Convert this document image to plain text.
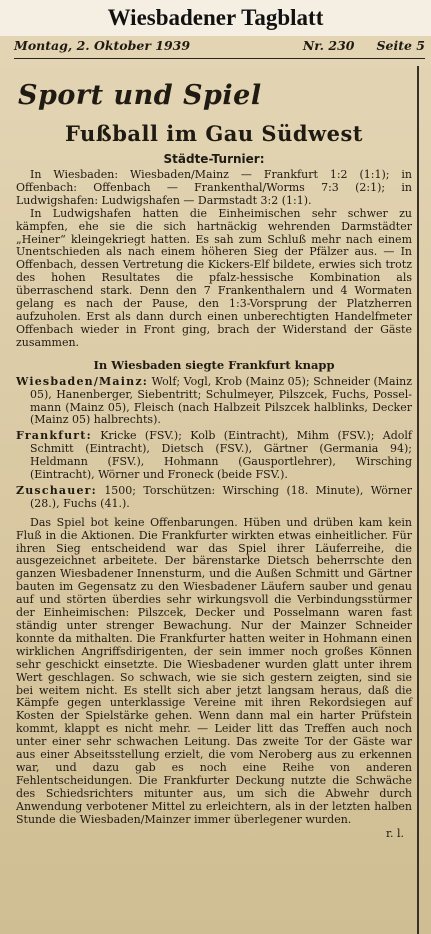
Wiesbadener Tagblatt
Montag, 2. Oktober 1939	Nr. 230 Seite 5
Sport und Spiel
Fußball im Gau Südwest
Städte-Turnier:

In Wiesbaden: Wiesbaden/Mainz — Frankfurt 1:2 (1:1); in Offenbach: Offenbach — Frankenthal/Worms 7:3 (2:1); in Ludwigshafen: Ludwigshafen — Darmstadt 3:2 (1:1).

In Ludwigshafen hatten die Einheimischen sehr schwer zu kämpfen, ehe sie die sich hartnäckig wehrenden Darmstädter „Heiner“ kleingekriegt hatten. Es sah zum Schluß mehr nach einem Unentschieden als nach einem höheren Sieg der Pfälzer aus. — In Offenbach, dessen Vertretung die Kickers-Elf bildete, erwies sich trotz des hohen Resultates die pfalz-hessische Kombination als überraschend stark. Denn den 7 Frankenthalern und 4 Wormaten gelang es nach der Pause, den 1:3-Vorsprung der Platzherren aufzuholen. Erst als dann durch einen unberechtigten Handelfmeter Offenbach wieder in Front ging, brach der Widerstand der Gäste zusammen.

In Wiesbaden siegte Frankfurt knapp

Wiesbaden/Mainz: Wolf; Vogl, Krob (Mainz 05); Schneider (Mainz 05), Hanenberger, Siebentritt; Schulmeyer, Pilszcek, Fuchs, Posselmann (Mainz 05), Fleisch (nach Halbzeit Pilszcek halblinks, Decker (Mainz 05) halbrechts).

Frankfurt: Kricke (FSV.); Kolb (Eintracht), Mihm (FSV.); Adolf Schmitt (Eintracht), Dietsch (FSV.), Gärtner (Germania 94); Heldmann (FSV.), Hohmann (Gausportlehrer), Wirsching (Eintracht), Wörner und Froneck (beide FSV.).

Zuschauer: 1500; Torschützen: Wirsching (18. Minute), Wörner (28.), Fuchs (41.).

Das Spiel bot keine Offenbarungen. Hüben und drüben kam kein Fluß in die Aktionen. Die Frankfurter wirkten etwas einheitlicher. Für ihren Sieg entscheidend war das Spiel ihrer Läuferreihe, die ausgezeichnet arbeitete. Der bärenstarke Dietsch beherrschte den ganzen Wiesbadener Innensturm, und die Außen Schmitt und Gärtner bauten im Gegensatz zu den Wiesbadener Läufern sauber und genau auf und störten überdies sehr wirkungsvoll die Verbindungsstürmer der Einheimischen: Pilszcek, Decker und Posselmann waren fast ständig unter strenger Bewachung. Nur der Mainzer Schneider konnte da mithalten. Die Frankfurter hatten weiter in Hohmann einen wirklichen Angriffsdirigenten, der sein immer noch großes Können sehr geschickt einsetzte. Die Wiesbadener wurden glatt unter ihrem Wert geschlagen. So schwach, wie sie sich gestern zeigten, sind sie bei weitem nicht. Es stellt sich aber jetzt langsam heraus, daß die Kämpfe gegen unterklassige Vereine mit ihren Rekordsiegen auf Kosten der Spielstärke gehen. Wenn dann mal ein harter Prüfstein kommt, klappt es nicht mehr. — Leider litt das Treffen auch noch unter einer sehr schwachen Leitung. Das zweite Tor der Gäste war aus einer Abseitsstellung erzielt, die vom Neroberg aus zu erkennen war, und dazu gab es noch eine Reihe von anderen Fehlentscheidungen. Die Frankfurter Deckung nutzte die Schwäche des Schiedsrichters mitunter aus, um sich die Abwehr durch Anwendung verbotener Mittel zu erleichtern, als in der letzten halben Stunde die Wiesbaden/Mainzer immer überlegener wurden.

r. l.
